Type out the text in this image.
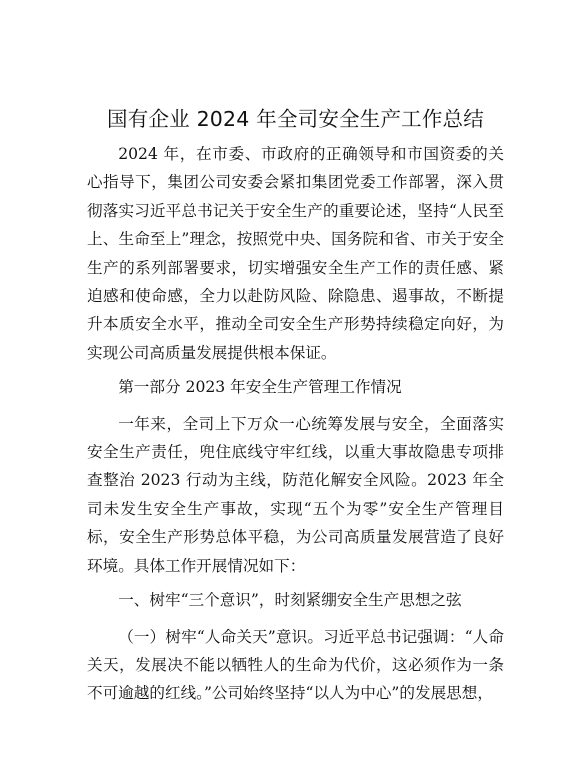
国有企业 2024 年全司安全生产工作总结

2024 年，在市委、市政府的正确领导和市国资委的关心指导下，集团公司安委会紧扣集团党委工作部署，深入贯彻落实习近平总书记关于安全生产的重要论述，坚持“人民至上、生命至上”理念，按照党中央、国务院和省、市关于安全生产的系列部署要求，切实增强安全生产工作的责任感、紧迫感和使命感，全力以赴防风险、除隐患、遏事故，不断提升本质安全水平，推动全司安全生产形势持续稳定向好，为实现公司高质量发展提供根本保证。

第一部分 2023 年安全生产管理工作情况

一年来，全司上下万众一心统筹发展与安全，全面落实安全生产责任，兜住底线守牢红线，以重大事故隐患专项排查整治 2023 行动为主线，防范化解安全风险。2023 年全司未发生安全生产事故，实现“五个为零”安全生产管理目标，安全生产形势总体平稳，为公司高质量发展营造了良好环境。具体工作开展情况如下：

一、树牢“三个意识”，时刻紧绷安全生产思想之弦

（一）树牢“人命关天”意识。习近平总书记强调：“人命关天，发展决不能以牺牲人的生命为代价，这必须作为一条不可逾越的红线。”公司始终坚持“以人为中心”的发展思想，
